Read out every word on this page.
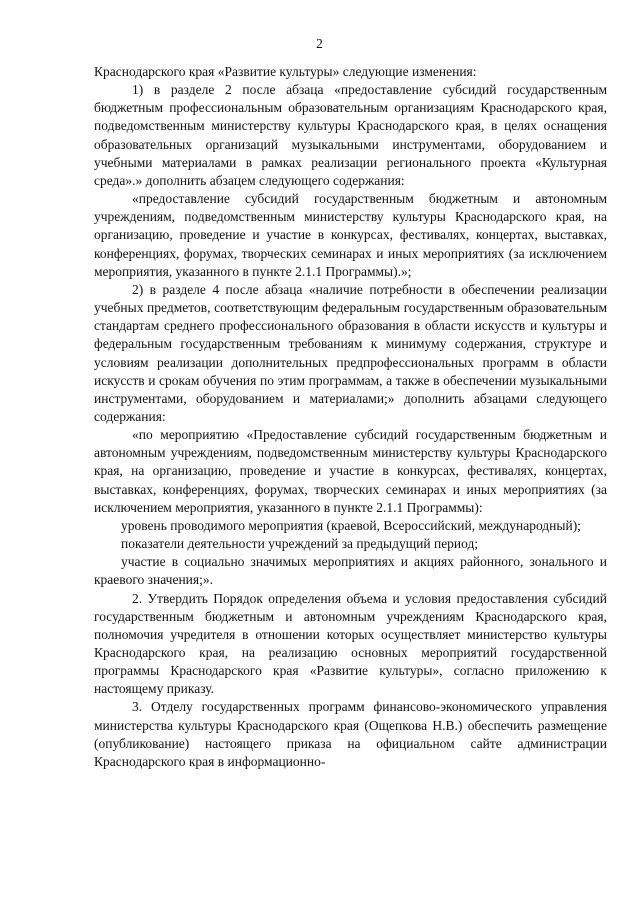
2

Краснодарского края «Развитие культуры» следующие изменения:

1) в разделе 2 после абзаца «предоставление субсидий государственным бюджетным профессиональным образовательным организациям Краснодарского края, подведомственным министерству культуры Краснодарского края, в целях оснащения образовательных организаций музыкальными инструментами, оборудованием и учебными материалами в рамках реализации регионального проекта «Культурная среда».» дополнить абзацем следующего содержания:

«предоставление субсидий государственным бюджетным и автономным учреждениям, подведомственным министерству культуры Краснодарского края, на организацию, проведение и участие в конкурсах, фестивалях, концертах, выставках, конференциях, форумах, творческих семинарах и иных мероприятиях (за исключением мероприятия, указанного в пункте 2.1.1 Программы).»;

2) в разделе 4 после абзаца «наличие потребности в обеспечении реализации учебных предметов, соответствующим федеральным государственным образовательным стандартам среднего профессионального образования в области искусств и культуры и федеральным государственным требованиям к минимуму содержания, структуре и условиям реализации дополнительных предпрофессиональных программ в области искусств и срокам обучения по этим программам, а также в обеспечении музыкальными инструментами, оборудованием и материалами;» дополнить абзацами следующего содержания:

«по мероприятию «Предоставление субсидий государственным бюджетным и автономным учреждениям, подведомственным министерству культуры Краснодарского края, на организацию, проведение и участие в конкурсах, фестивалях, концертах, выставках, конференциях, форумах, творческих семинарах и иных мероприятиях (за исключением мероприятия, указанного в пункте 2.1.1 Программы):

уровень проводимого мероприятия (краевой, Всероссийский, международный);

показатели деятельности учреждений за предыдущий период;

участие в социально значимых мероприятиях и акциях районного, зонального и краевого значения;».

2. Утвердить Порядок определения объема и условия предоставления субсидий государственным бюджетным и автономным учреждениям Краснодарского края, полномочия учредителя в отношении которых осуществляет министерство культуры Краснодарского края, на реализацию основных мероприятий государственной программы Краснодарского края «Развитие культуры», согласно приложению к настоящему приказу.

3. Отделу государственных программ финансово-экономического управления министерства культуры Краснодарского края (Ощепкова Н.В.) обеспечить размещение (опубликование) настоящего приказа на официальном сайте администрации Краснодарского края в информационно-
